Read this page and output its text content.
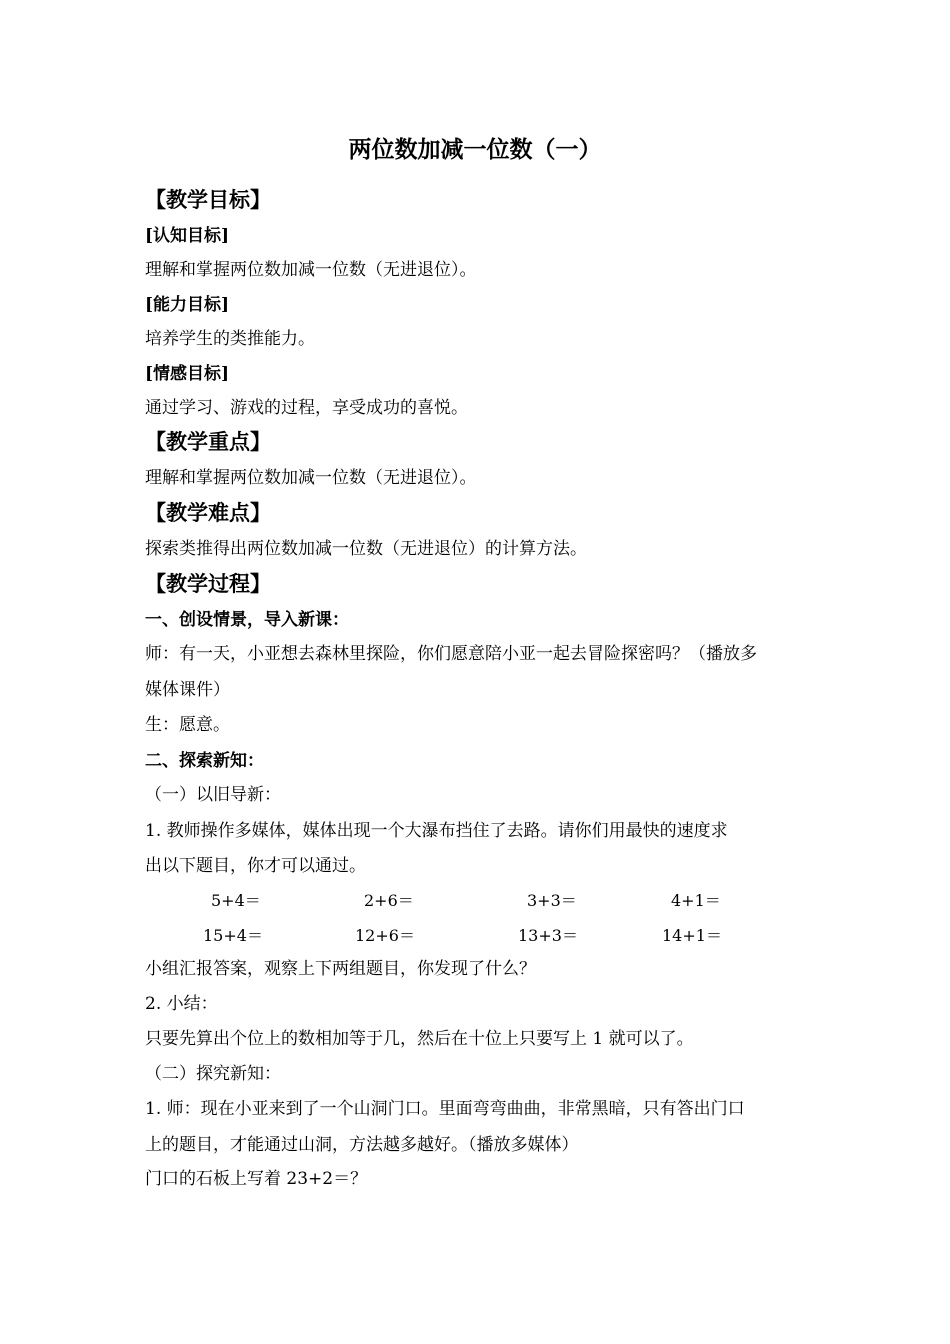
两位数加减一位数（一）
【教学目标】
[认知目标]
理解和掌握两位数加减一位数（无进退位）。
[能力目标]
培养学生的类推能力。
[情感目标]
通过学习、游戏的过程，享受成功的喜悦。
【教学重点】
理解和掌握两位数加减一位数（无进退位）。
【教学难点】
探索类推得出两位数加减一位数（无进退位）的计算方法。
【教学过程】
一、创设情景，导入新课：
师：有一天，小亚想去森林里探险，你们愿意陪小亚一起去冒险探密吗？（播放多
媒体课件）
生：愿意。
二、探索新知：
（一）以旧导新：
1. 教师操作多媒体，媒体出现一个大瀑布挡住了去路。请你们用最快的速度求
出以下题目，你才可以通过。
5+4＝	2+6＝	3+3＝	4+1＝
15+4＝	12+6＝	13+3＝	14+1＝
小组汇报答案，观察上下两组题目，你发现了什么？
2. 小结：
只要先算出个位上的数相加等于几，然后在十位上只要写上 1 就可以了。
（二）探究新知：
1. 师：现在小亚来到了一个山洞门口。里面弯弯曲曲，非常黑暗，只有答出门口
上的题目，才能通过山洞，方法越多越好。（播放多媒体）
门口的石板上写着 23+2＝？
